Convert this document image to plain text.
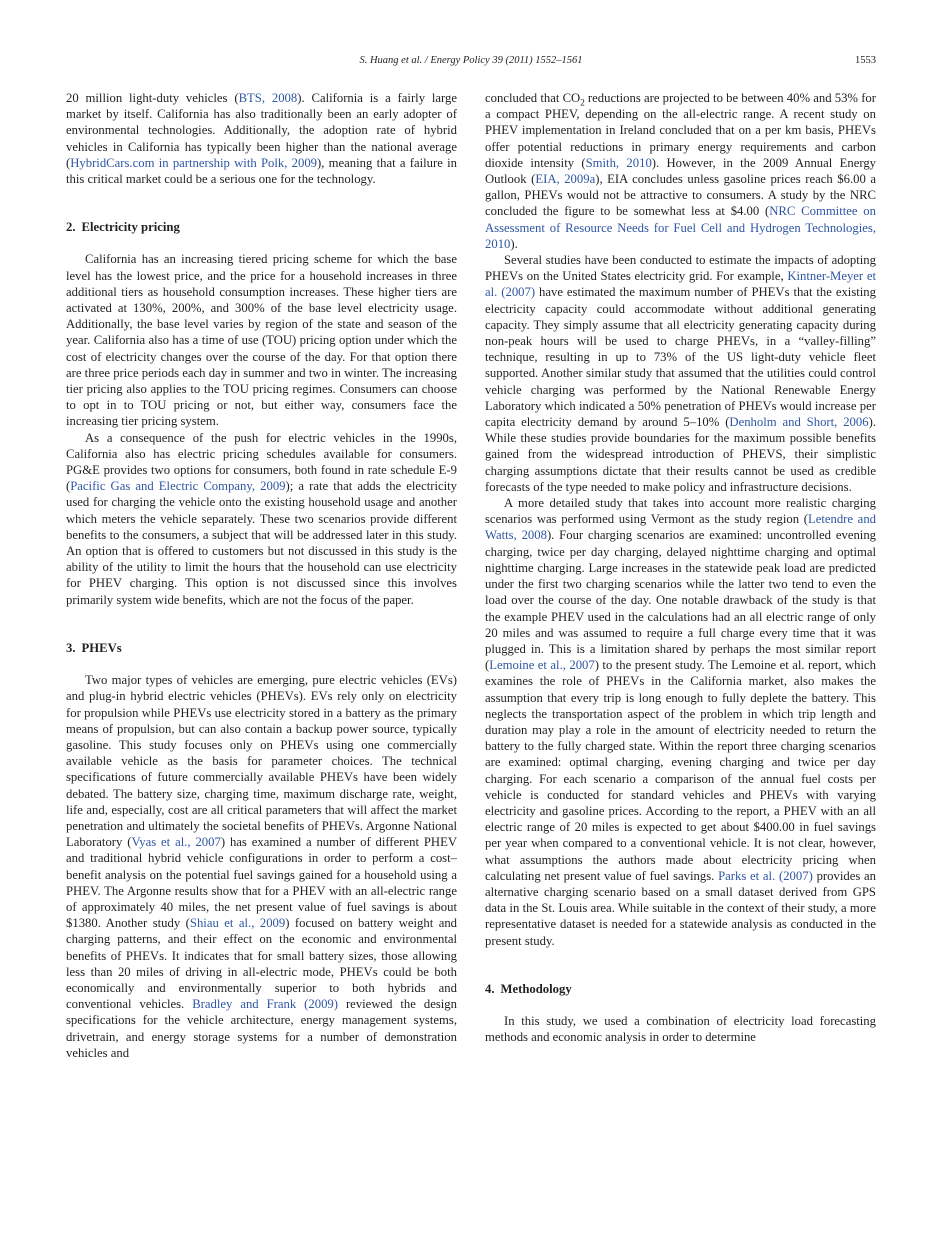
S. Huang et al. / Energy Policy 39 (2011) 1552–1561	1553

20 million light-duty vehicles (BTS, 2008). California is a fairly large market by itself. California has also traditionally been an early adopter of environmental technologies. Additionally, the adoption rate of hybrid vehicles in California has typically been higher than the national average (HybridCars.com in partnership with Polk, 2009), meaning that a failure in this critical market could be a serious one for the technology.

2. Electricity pricing

California has an increasing tiered pricing scheme for which the base level has the lowest price, and the price for a household increases in three additional tiers as household consumption increases. These higher tiers are activated at 130%, 200%, and 300% of the base level electricity usage. Additionally, the base level varies by region of the state and season of the year. California also has a time of use (TOU) pricing option under which the cost of electricity changes over the course of the day. For that option there are three price periods each day in summer and two in winter. The increasing tier pricing also applies to the TOU pricing regimes. Consumers can choose to opt in to TOU pricing or not, but either way, consumers face the increasing tier pricing system.

As a consequence of the push for electric vehicles in the 1990s, California also has electric pricing schedules available for consumers. PG&E provides two options for consumers, both found in rate schedule E-9 (Pacific Gas and Electric Company, 2009); a rate that adds the electricity used for charging the vehicle onto the existing household usage and another which meters the vehicle separately. These two scenarios provide different benefits to the consumers, a subject that will be addressed later in this study. An option that is offered to customers but not discussed in this study is the ability of the utility to limit the hours that the household can use electricity for PHEV charging. This option is not discussed since this involves primarily system wide benefits, which are not the focus of the paper.

3. PHEVs

Two major types of vehicles are emerging, pure electric vehicles (EVs) and plug-in hybrid electric vehicles (PHEVs). EVs rely only on electricity for propulsion while PHEVs use electricity stored in a battery as the primary means of propulsion, but can also contain a backup power source, typically gasoline. This study focuses only on PHEVs using one commercially available vehicle as the basis for parameter choices. The technical specifications of future commercially available PHEVs have been widely debated. The battery size, charging time, maximum discharge rate, weight, life and, especially, cost are all critical parameters that will affect the market penetration and ultimately the societal benefits of PHEVs. Argonne National Laboratory (Vyas et al., 2007) has examined a number of different PHEV and traditional hybrid vehicle configurations in order to perform a cost–benefit analysis on the potential fuel savings gained for a household using a PHEV. The Argonne results show that for a PHEV with an all-electric range of approximately 40 miles, the net present value of fuel savings is about $1380. Another study (Shiau et al., 2009) focused on battery weight and charging patterns, and their effect on the economic and environmental benefits of PHEVs. It indicates that for small battery sizes, those allowing less than 20 miles of driving in all-electric mode, PHEVs could be both economically and environmentally superior to both hybrids and conventional vehicles. Bradley and Frank (2009) reviewed the design specifications for the vehicle architecture, energy management systems, drivetrain, and energy storage systems for a number of demonstration vehicles and

concluded that $CO_2$ reductions are projected to be between 40% and 53% for a compact PHEV, depending on the all-electric range. A recent study on PHEV implementation in Ireland concluded that on a per km basis, PHEVs offer potential reductions in primary energy requirements and carbon dioxide intensity (Smith, 2010). However, in the 2009 Annual Energy Outlook (EIA, 2009a), EIA concludes unless gasoline prices reach $6.00 a gallon, PHEVs would not be attractive to consumers. A study by the NRC concluded the figure to be somewhat less at $4.00 (NRC Committee on Assessment of Resource Needs for Fuel Cell and Hydrogen Technologies, 2010).

Several studies have been conducted to estimate the impacts of adopting PHEVs on the United States electricity grid. For example, Kintner-Meyer et al. (2007) have estimated the maximum number of PHEVs that the existing electricity capacity could accommodate without additional generating capacity. They simply assume that all electricity generating capacity during non-peak hours will be used to charge PHEVs, in a “valley-filling” technique, resulting in up to 73% of the US light-duty vehicle fleet supported. Another similar study that assumed that the utilities could control vehicle charging was performed by the National Renewable Energy Laboratory which indicated a 50% penetration of PHEVs would increase per capita electricity demand by around 5–10% (Denholm and Short, 2006). While these studies provide boundaries for the maximum possible benefits gained from the widespread introduction of PHEVS, their simplistic charging assumptions dictate that their results cannot be used as credible forecasts of the type needed to make policy and infrastructure decisions.

A more detailed study that takes into account more realistic charging scenarios was performed using Vermont as the study region (Letendre and Watts, 2008). Four charging scenarios are examined: uncontrolled evening charging, twice per day charging, delayed nighttime charging and optimal nighttime charging. Large increases in the statewide peak load are predicted under the first two charging scenarios while the latter two tend to even the load over the course of the day. One notable drawback of the study is that the example PHEV used in the calculations had an all electric range of only 20 miles and was assumed to require a full charge every time that it was plugged in. This is a limitation shared by perhaps the most similar report (Lemoine et al., 2007) to the present study. The Lemoine et al. report, which examines the role of PHEVs in the California market, also makes the assumption that every trip is long enough to fully deplete the battery. This neglects the transportation aspect of the problem in which trip length and duration may play a role in the amount of electricity needed to return the battery to the fully charged state. Within the report three charging scenarios are examined: optimal charging, evening charging and twice per day charging. For each scenario a comparison of the annual fuel costs per vehicle is conducted for standard vehicles and PHEVs with varying electricity and gasoline prices. According to the report, a PHEV with an all electric range of 20 miles is expected to get about $400.00 in fuel savings per year when compared to a conventional vehicle. It is not clear, however, what assumptions the authors made about electricity pricing when calculating net present value of fuel savings. Parks et al. (2007) provides an alternative charging scenario based on a small dataset derived from GPS data in the St. Louis area. While suitable in the context of their study, a more representative dataset is needed for a statewide analysis as conducted in the present study.

4. Methodology

In this study, we used a combination of electricity load forecasting methods and economic analysis in order to determine
